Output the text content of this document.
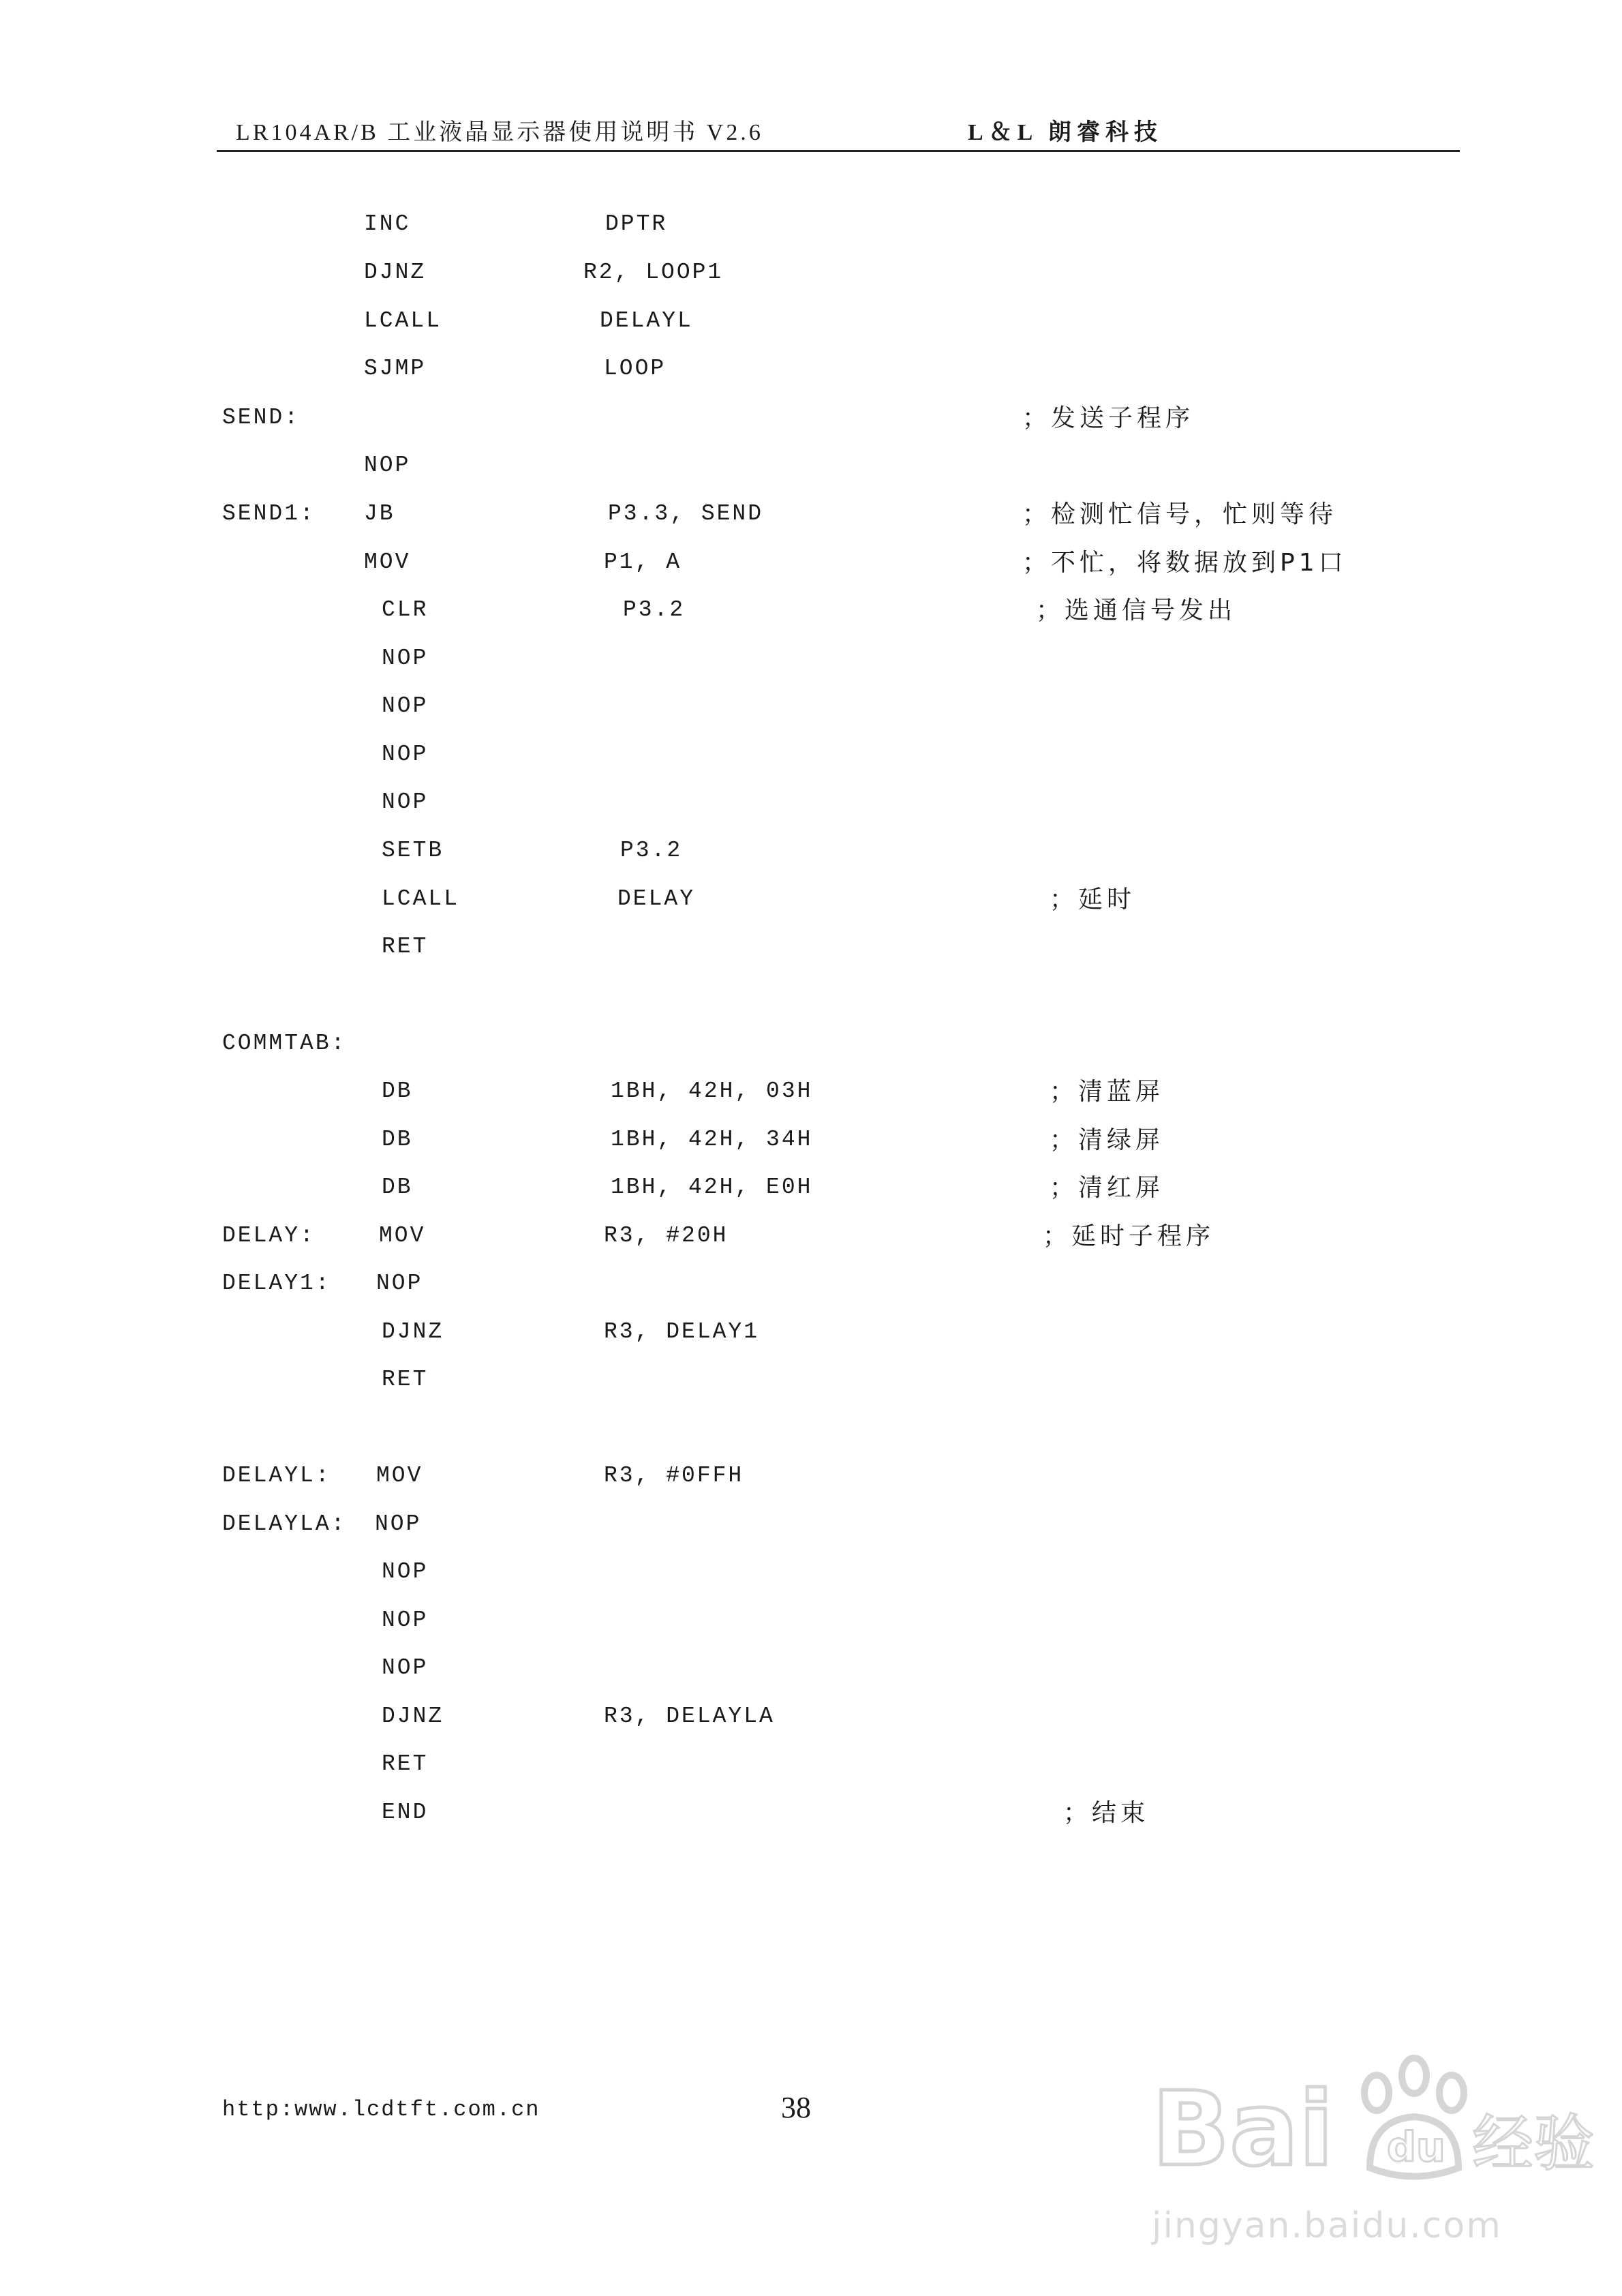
LR104AR/B 工业液晶显示器使用说明书 V2.6	L＆L 朗睿科技
INC	DPTR
DJNZ	R2, LOOP1
LCALL	DELAYL
SJMP	LOOP
SEND:	；发送子程序
NOP
SEND1: JB	P3.3, SEND	；检测忙信号，忙则等待
MOV	P1, A	；不忙，将数据放到P1口
CLR	P3.2	；选通信号发出
NOP
NOP
NOP
NOP
SETB	P3.2
LCALL	DELAY	；延时
RET
COMMTAB:
DB	1BH, 42H, 03H	；清蓝屏
DB	1BH, 42H, 34H	；清绿屏
DB	1BH, 42H, E0H	；清红屏
DELAY:	MOV	R3, #20H	；延时子程序
DELAY1: NOP
DJNZ	R3, DELAY1
RET
DELAYL: MOV	R3, #0FFH
DELAYLA: NOP
NOP
NOP
NOP
DJNZ	R3, DELAYLA
RET
END	；结束
http:www.lcdtft.com.cn	38	Bai du 经验
jingyan.baidu.com
